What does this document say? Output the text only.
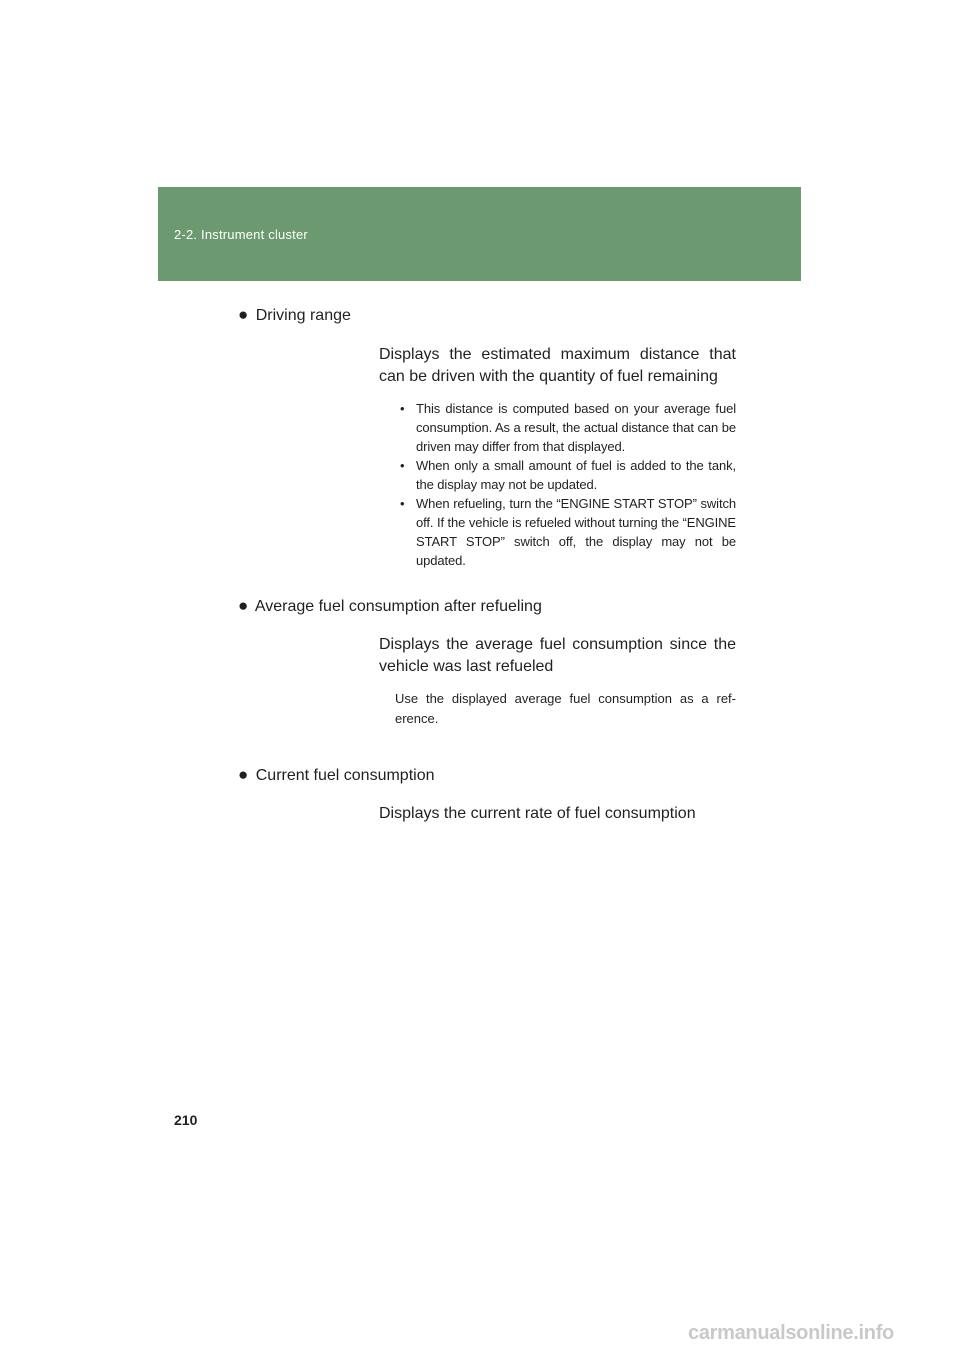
2-2. Instrument cluster
● Driving range
Displays the estimated maximum distance that can be driven with the quantity of fuel remaining
• This distance is computed based on your average fuel consumption. As a result, the actual distance that can be driven may differ from that displayed.
• When only a small amount of fuel is added to the tank, the display may not be updated.
• When refueling, turn the “ENGINE START STOP” switch off. If the vehicle is refueled without turning the “ENGINE START STOP” switch off, the display may not be updated.
● Average fuel consumption after refueling
Displays the average fuel consumption since the vehicle was last refueled
Use the displayed average fuel consumption as a ref- erence.
● Current fuel consumption
Displays the current rate of fuel consumption
210
carmanualsonline.info
